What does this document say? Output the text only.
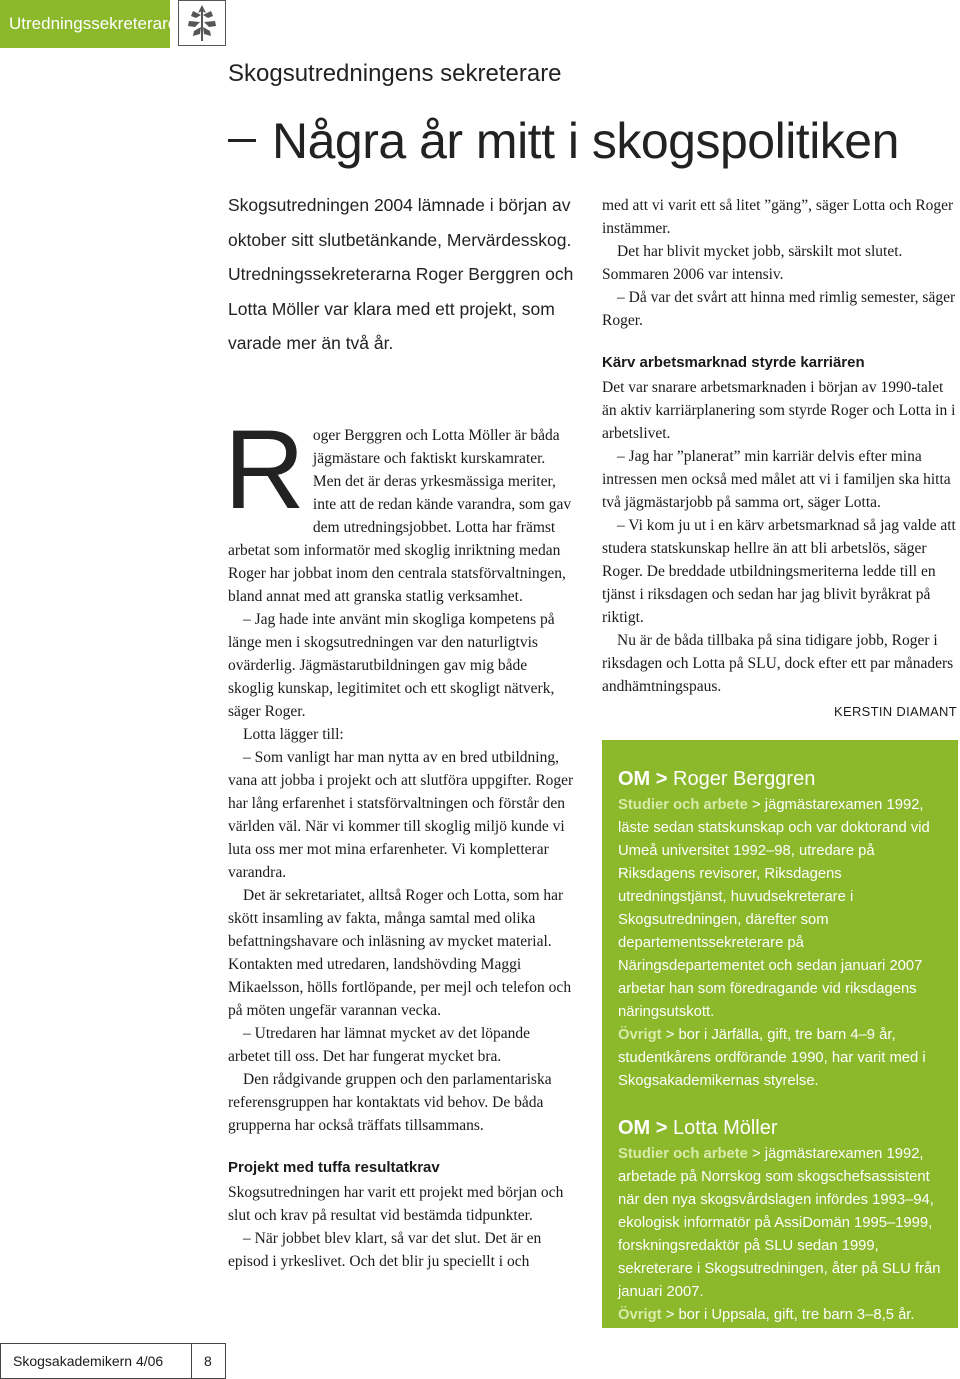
Utredningssekreterare
Skogsutredningens sekreterare
Några år mitt i skogspolitiken
Skogsutredningen 2004 lämnade i början av oktober sitt slutbetänkande, Mervärdesskog. Utredningssekreterarna Roger Berggren och Lotta Möller var klara med ett projekt, som varade mer än två år.

Roger Berggren och Lotta Möller är båda jägmästare och faktiskt kurskamrater. Men det är deras yrkesmässiga meriter, inte att de redan kände varandra, som gav dem utredningsjobbet. Lotta har främst arbetat som informatör med skoglig inriktning medan Roger har jobbat inom den centrala statsförvaltningen, bland annat med att granska statlig verksamhet.

– Jag hade inte använt min skogliga kompetens på länge men i skogsutredningen var den naturligtvis ovärderlig. Jägmästarutbildningen gav mig både skoglig kunskap, legitimitet och ett skogligt nätverk, säger Roger.

Lotta lägger till:

– Som vanligt har man nytta av en bred utbildning, vana att jobba i projekt och att slutföra uppgifter. Roger har lång erfarenhet i statsförvaltningen och förstår den världen väl. När vi kommer till skoglig miljö kunde vi luta oss mer mot mina erfarenheter. Vi kompletterar varandra.

Det är sekretariatet, alltså Roger och Lotta, som har skött insamling av fakta, många samtal med olika befattningshavare och inläsning av mycket material. Kontakten med utredaren, landshövding Maggi Mikaelsson, hölls fortlöpande, per mejl och telefon och på möten ungefär varannan vecka.

– Utredaren har lämnat mycket av det löpande arbetet till oss. Det har fungerat mycket bra.

Den rådgivande gruppen och den parlamentariska referensgruppen har kontaktats vid behov. De båda grupperna har också träffats tillsammans.

Projekt med tuffa resultatkrav

Skogsutredningen har varit ett projekt med början och slut och krav på resultat vid bestämda tidpunkter.

– När jobbet blev klart, så var det slut. Det är en episod i yrkeslivet. Och det blir ju speciellt i och

med att vi varit ett så litet ”gäng”, säger Lotta och Roger instämmer.

Det har blivit mycket jobb, särskilt mot slutet. Sommaren 2006 var intensiv.

– Då var det svårt att hinna med rimlig semester, säger Roger.

Kärv arbetsmarknad styrde karriären

Det var snarare arbetsmarknaden i början av 1990-talet än aktiv karriärplanering som styrde Roger och Lotta in i arbetslivet.

– Jag har ”planerat” min karriär delvis efter mina intressen men också med målet att vi i familjen ska hitta två jägmästarjobb på samma ort, säger Lotta.

– Vi kom ju ut i en kärv arbetsmarknad så jag valde att studera statskunskap hellre än att bli arbetslös, säger Roger. De breddade utbildningsmeriterna ledde till en tjänst i riksdagen och sedan har jag blivit byråkrat på riktigt.

Nu är de båda tillbaka på sina tidigare jobb, Roger i riksdagen och Lotta på SLU, dock efter ett par månaders andhämtningspaus.

KERSTIN DIAMANT
OM > Roger Berggren

Studier och arbete > jägmästarexamen 1992, läste sedan statskunskap och var doktorand vid Umeå universitet 1992–98, utredare på Riksdagens revisorer, Riksdagens utredningstjänst, huvudsekreterare i Skogsutredningen, därefter som departementssekreterare på Näringsdepartementet och sedan januari 2007 arbetar han som föredragande vid riksdagens näringsutskott.

Övrigt > bor i Järfälla, gift, tre barn 4–9 år, studentkårens ordförande 1990, har varit med i Skogsakademikernas styrelse.

OM > Lotta Möller

Studier och arbete > jägmästarexamen 1992, arbetade på Norrskog som skogschefsassistent när den nya skogsvårdslagen infördes 1993–94, ekologisk informatör på AssiDomän 1995–1999, forskningsredaktör på SLU sedan 1999, sekreterare i Skogsutredningen, åter på SLU från januari 2007.

Övrigt > bor i Uppsala, gift, tre barn 3–8,5 år.

Skogsakademikern 4/06	8
